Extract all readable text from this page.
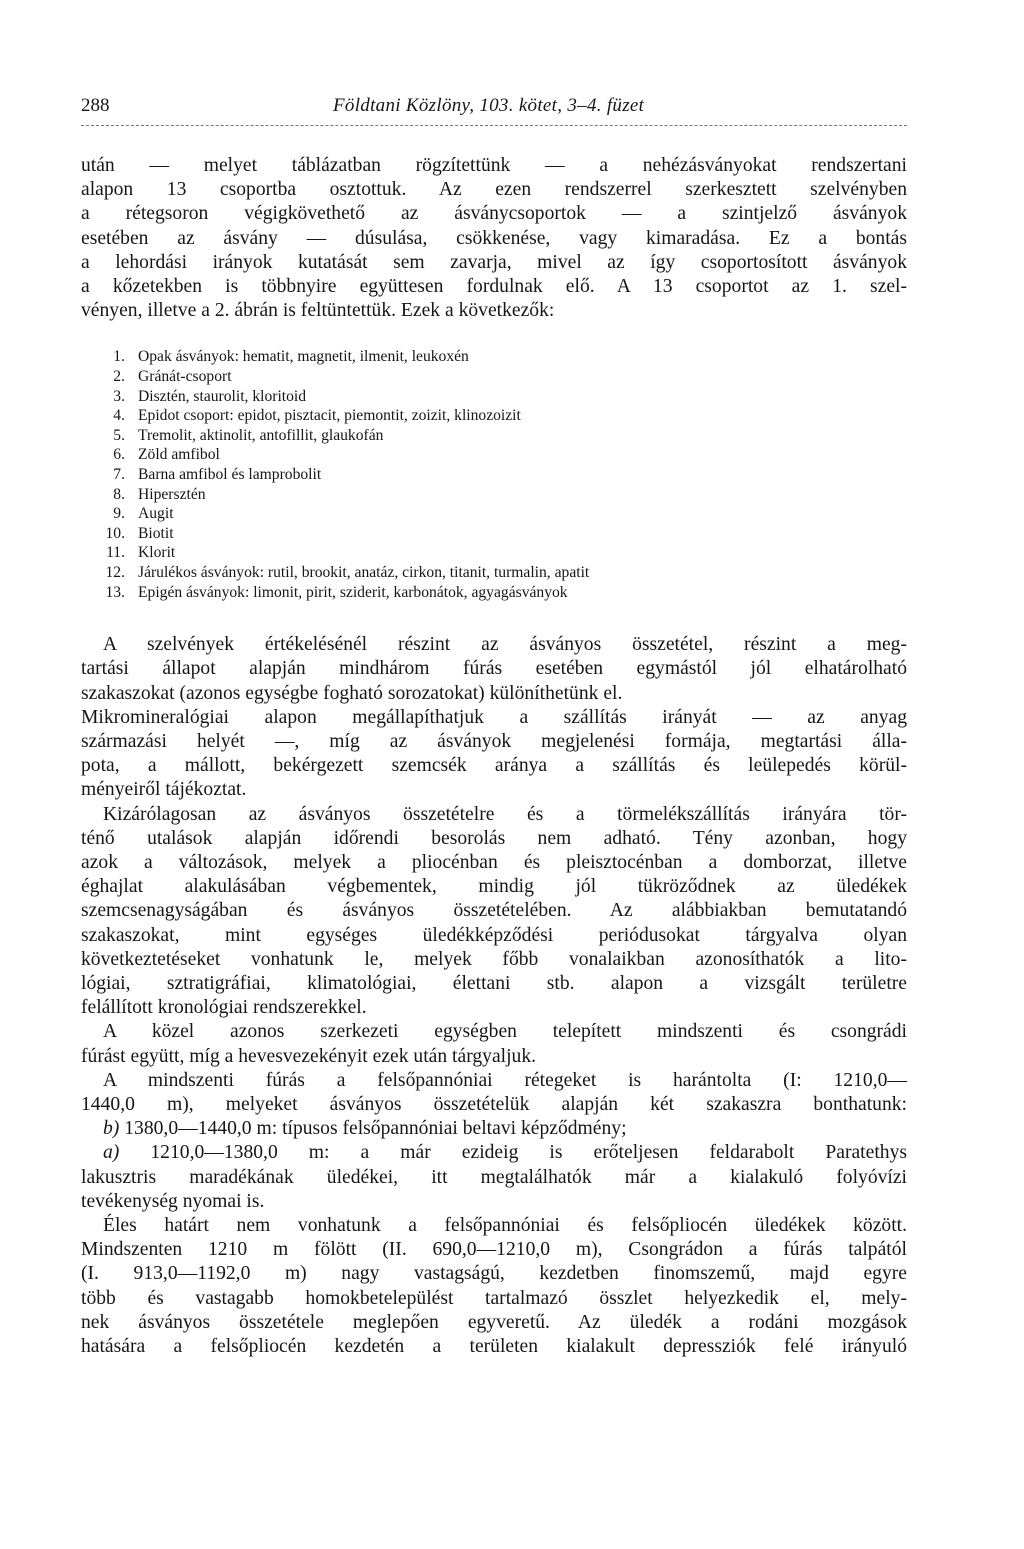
288	Földtani Közlöny, 103. kötet, 3–4. füzet

után — melyet táblázatban rögzítettünk — a nehézásványokat rendszertani

alapon 13 csoportba osztottuk. Az ezen rendszerrel szerkesztett szelvényben

a rétegsoron végigkövethető az ásványcsoportok — a szintjelző ásványok

esetében az ásvány — dúsulása, csökkenése, vagy kimaradása. Ez a bontás

a lehordási irányok kutatását sem zavarja, mivel az így csoportosított ásványok

a kőzetekben is többnyire együttesen fordulnak elő. A 13 csoportot az 1. szel-

vényen, illetve a 2. ábrán is feltüntettük. Ezek a következők:

1. Opak ásványok: hematit, magnetit, ilmenit, leukoxén
2. Gránát-csoport
3. Disztén, staurolit, kloritoid
4. Epidot csoport: epidot, pisztacit, piemontit, zoizit, klinozoizit
5. Tremolit, aktinolit, antofillit, glaukofán
6. Zöld amfibol
7. Barna amfibol és lamprobolit
8. Hipersztén
9. Augit
10. Biotit
11. Klorit
12. Járulékos ásványok: rutil, brookit, anatáz, cirkon, titanit, turmalin, apatit
13. Epigén ásványok: limonit, pirit, sziderit, karbonátok, agyagásványok

A szelvények értékelésénél részint az ásványos összetétel, részint a meg-

tartási állapot alapján mindhárom fúrás esetében egymástól jól elhatárolható

szakaszokat (azonos egységbe fogható sorozatokat) különíthetünk el.

Mikromineralógiai alapon megállapíthatjuk a szállítás irányát — az anyag

származási helyét —, míg az ásványok megjelenési formája, megtartási álla-

pota, a mállott, bekérgezett szemcsék aránya a szállítás és leülepedés körül-

ményeiről tájékoztat.

Kizárólagosan az ásványos összetételre és a törmelékszállítás irányára tör-

ténő utalások alapján időrendi besorolás nem adható. Tény azonban, hogy

azok a változások, melyek a pliocénban és pleisztocénban a domborzat, illetve

éghajlat alakulásában végbementek, mindig jól tükröződnek az üledékek

szemcsenagyságában és ásványos összetételében. Az alábbiakban bemutatandó

szakaszokat, mint egységes üledékképződési periódusokat tárgyalva olyan

következtetéseket vonhatunk le, melyek főbb vonalaikban azonosíthatók a lito-

lógiai, sztratigráfiai, klimatológiai, élettani stb. alapon a vizsgált területre

felállított kronológiai rendszerekkel.

A közel azonos szerkezeti egységben telepített mindszenti és csongrádi

fúrást együtt, míg a hevesvezekényit ezek után tárgyaljuk.

A mindszenti fúrás a felsőpannóniai rétegeket is harántolta (I: 1210,0—

1440,0 m), melyeket ásványos összetételük alapján két szakaszra bonthatunk:

b) 1380,0—1440,0 m: típusos felsőpannóniai beltavi képződmény;

a) 1210,0—1380,0 m: a már ezideig is erőteljesen feldarabolt Paratethys

lakusztris maradékának üledékei, itt megtalálhatók már a kialakuló folyóvízi

tevékenység nyomai is.

Éles határt nem vonhatunk a felsőpannóniai és felsőpliocén üledékek között.

Mindszenten 1210 m fölött (II. 690,0—1210,0 m), Csongrádon a fúrás talpától

(I. 913,0—1192,0 m) nagy vastagságú, kezdetben finomszemű, majd egyre

több és vastagabb homokbetelepülést tartalmazó összlet helyezkedik el, mely-

nek ásványos összetétele meglepően egyveretű. Az üledék a rodáni mozgások

hatására a felsőpliocén kezdetén a területen kialakult depressziók felé irányuló
